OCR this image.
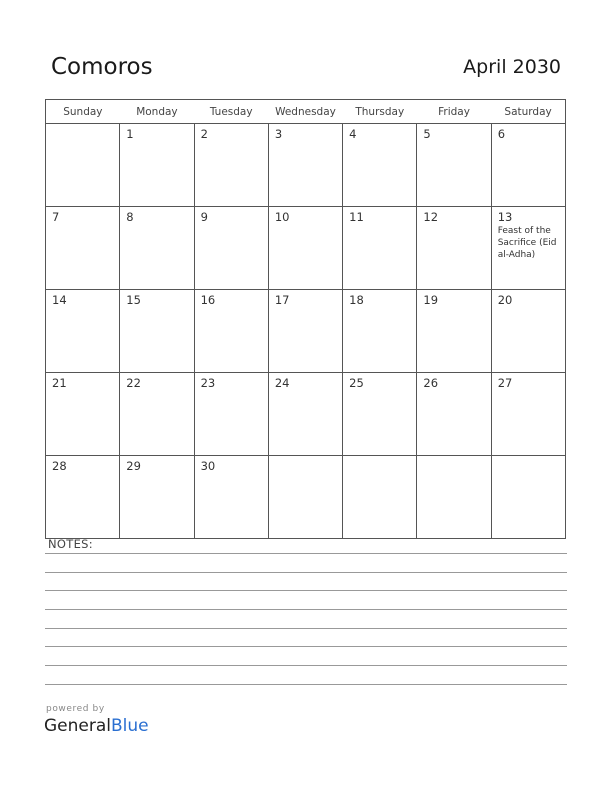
Comoros	April 2030
Sunday	Monday	Tuesday	Wednesday	Thursday	Friday	Saturday

	1	2	3	4	5	6

7	8	9	10	11	12	13
Feast of the Sacrifice (Eid al-Adha)

14	15	16	17	18	19	20

21	22	23	24	25	26	27

28	29	30				

NOTES:
powered by
GeneralBlue
